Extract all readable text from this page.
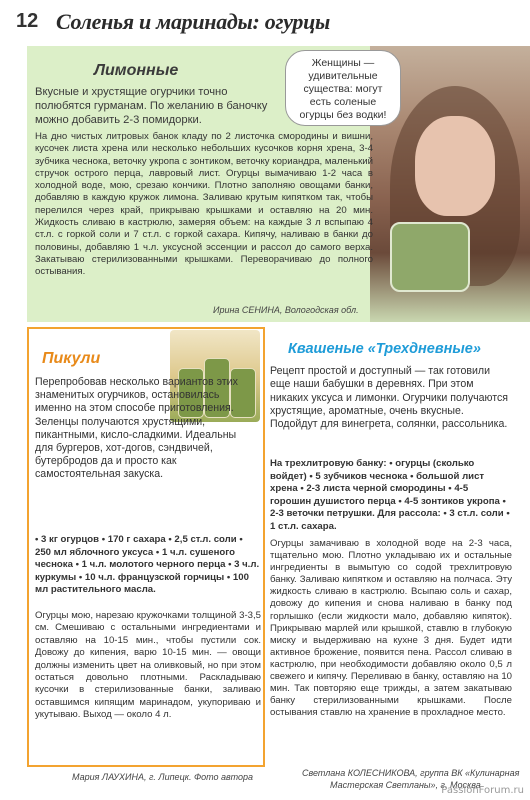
12 Соленья и маринады: огурцы
Женщины — удивительные существа: могут есть соленые огурцы без водки!
Лимонные
Вкусные и хрустящие огурчики точно полюбятся гурманам. По желанию в баночку можно добавить 2-3 помидорки.
На дно чистых литровых банок кладу по 2 листочка смородины и вишни, кусочек листа хрена или несколько небольших кусочков корня хрена, 3-4 зубчика чеснока, веточку укропа с зонтиком, веточку кориандра, маленький стручок острого перца, лавровый лист. Огурцы вымачиваю 1-2 часа в холодной воде, мою, срезаю кончики. Плотно заполняю овощами банки, добавляю в каждую кружок лимона. Заливаю крутым кипятком так, чтобы перелился через край, прикрываю крышками и оставляю на 20 мин. Жидкость сливаю в кастрюлю, замеряя объем: на каждые 3 л вспыпаю 4 ст.л. с горкой соли и 7 ст.л. с горкой сахара. Кипячу, наливаю в банки до половины, добавляю 1 ч.л. уксусной эссенции и рассол до самого верха. Закатываю стерилизованными крышками. Переворачиваю до полного остывания.
Ирина СЕНИНА, Вологодская обл.
Пикули
Перепробовав несколько вариантов этих знаменитых огурчиков, остановилась именно на этом способе приготовления. Зеленцы получаются хрустящими, пикантными, кисло-сладкими. Идеальны для бургеров, хот-догов, сэндвичей, бутербродов да и просто как самостоятельная закуска.
• 3 кг огурцов • 170 г сахара • 2,5 ст.л. соли • 250 мл яблочного уксуса • 1 ч.л. сушеного чеснока • 1 ч.л. молотого черного перца • 3 ч.л. куркумы • 10 ч.л. французской горчицы • 100 мл растительного масла.
Огурцы мою, нарезаю кружочками толщиной 3-3,5 см. Смешиваю с остальными ингредиентами и оставляю на 10-15 мин., чтобы пустили сок. Довожу до кипения, варю 10-15 мин. — овощи должны изменить цвет на оливковый, но при этом остаться довольно плотными. Раскладываю кусочки в стерилизованные банки, заливаю оставшимся кипящим маринадом, укупориваю и укутываю. Выход — около 4 л.
Мария ЛАУХИНА, г. Липецк. Фото автора
Квашеные «Трехдневные»
Рецепт простой и доступный — так готовили еще наши бабушки в деревнях. При этом никаких уксуса и лимонки. Огурчики получаются хрустящие, ароматные, очень вкусные. Подойдут для винегрета, солянки, рассольника.
На трехлитровую банку: • огурцы (сколько войдет) • 5 зубчиков чеснока • большой лист хрена • 2-3 листа черной смородины • 4-5 горошин душистого перца • 4-5 зонтиков укропа • 2-3 веточки петрушки. Для рассола: • 3 ст.л. соли • 1 ст.л. сахара.
Огурцы замачиваю в холодной воде на 2-3 часа, тщательно мою. Плотно укладываю их и остальные ингредиенты в вымытую со содой трехлитровую банку. Заливаю кипятком и оставляю на полчаса. Эту жидкость сливаю в кастрюлю. Всыпаю соль и сахар, довожу до кипения и снова наливаю в банку под горлышко (если жидкости мало, добавляю кипяток). Прикрываю марлей или крышкой, ставлю в глубокую миску и выдерживаю на кухне 3 дня. Будет идти активное брожение, появится пена. Рассол сливаю в кастрюлю, при необходимости добавляю около 0,5 л свежего и кипячу. Переливаю в банку, оставляю на 10 мин. Так повторяю еще трижды, а затем закатываю банку стерилизованными крышками. После остывания ставлю на хранение в прохладное место.
Светлана КОЛЕСНИКОВА, группа ВК «Кулинарная
Мастерская Светланы», г. Москва
PassionForum.ru
